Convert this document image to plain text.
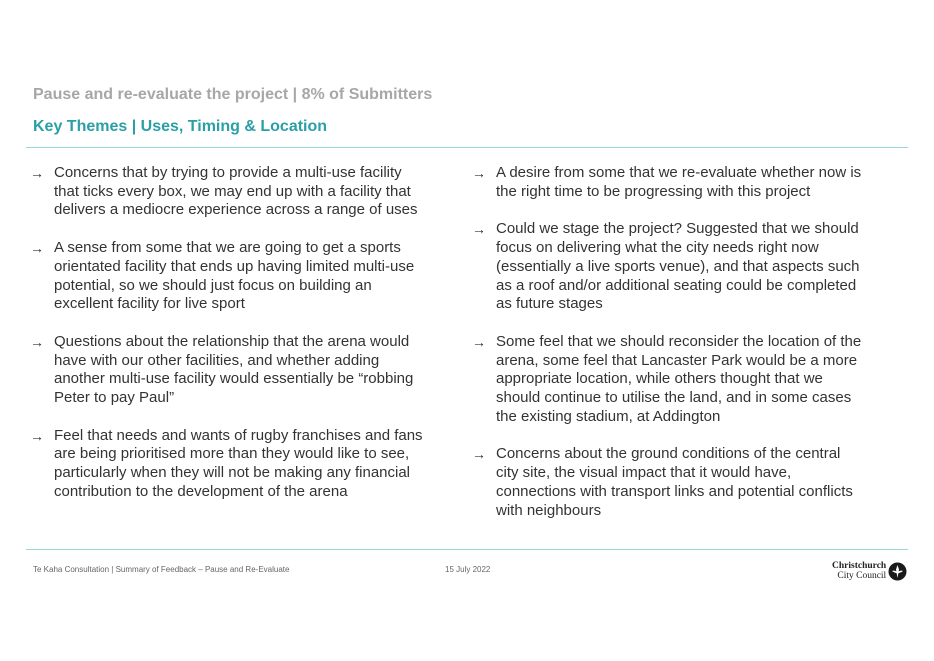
Pause and re-evaluate the project | 8% of Submitters
Key Themes | Uses, Timing & Location
→ Concerns that by trying to provide a multi-use facility that ticks every box, we may end up with a facility that delivers a mediocre experience across a range of uses
→ A sense from some that we are going to get a sports orientated facility that ends up having limited multi-use potential, so we should just focus on building an excellent facility for live sport
→ Questions about the relationship that the arena would have with our other facilities, and whether adding another multi-use facility would essentially be “robbing Peter to pay Paul”
→ Feel that needs and wants of rugby franchises and fans are being prioritised more than they would like to see, particularly when they will not be making any financial contribution to the development of the arena
→ A desire from some that we re-evaluate whether now is the right time to be progressing with this project
→ Could we stage the project? Suggested that we should focus on delivering what the city needs right now (essentially a live sports venue), and that aspects such as a roof and/or additional seating could be completed as future stages
→ Some feel that we should reconsider the location of the arena, some feel that Lancaster Park would be a more appropriate location, while others thought that we should continue to utilise the land, and in some cases the existing stadium, at Addington
→ Concerns about the ground conditions of the central city site, the visual impact that it would have, connections with transport links and potential conflicts with neighbours
Te Kaha Consultation | Summary of Feedback – Pause and Re-Evaluate	15 July 2022	Christchurch
City Council
